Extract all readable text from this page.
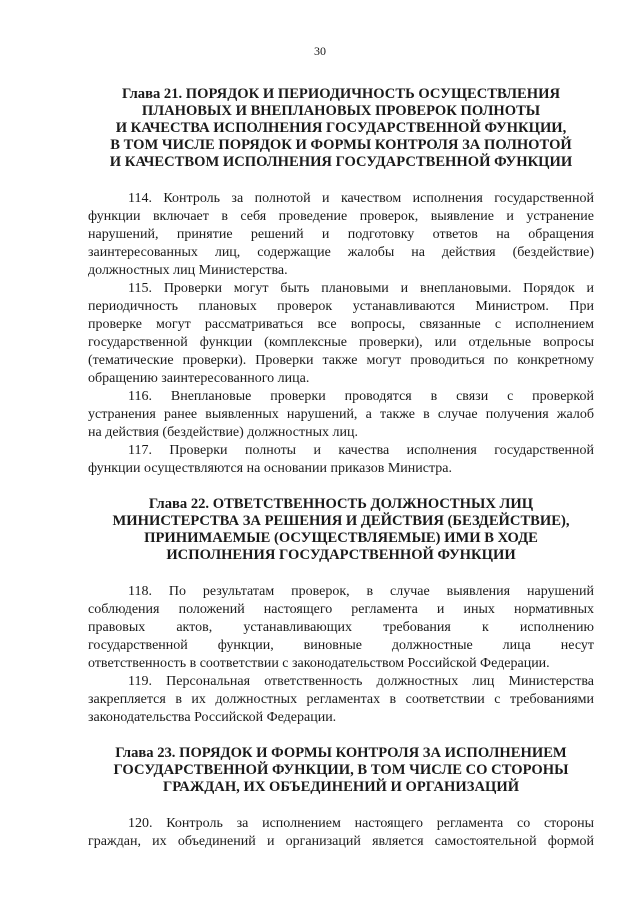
30
Глава 21. ПОРЯДОК И ПЕРИОДИЧНОСТЬ ОСУЩЕСТВЛЕНИЯ
ПЛАНОВЫХ И ВНЕПЛАНОВЫХ ПРОВЕРОК ПОЛНОТЫ
И КАЧЕСТВА ИСПОЛНЕНИЯ ГОСУДАРСТВЕННОЙ ФУНКЦИИ,
В ТОМ ЧИСЛЕ ПОРЯДОК И ФОРМЫ КОНТРОЛЯ ЗА ПОЛНОТОЙ
И КАЧЕСТВОМ ИСПОЛНЕНИЯ ГОСУДАРСТВЕННОЙ ФУНКЦИИ
114. Контроль за полнотой и качеством исполнения государственной
функции включает в себя проведение проверок, выявление и устранение
нарушений, принятие решений и подготовку ответов на обращения
заинтересованных лиц, содержащие жалобы на действия (бездействие)
должностных лиц Министерства.
115. Проверки могут быть плановыми и внеплановыми. Порядок и
периодичность плановых проверок устанавливаются Министром. При
проверке могут рассматриваться все вопросы, связанные с исполнением
государственной функции (комплексные проверки), или отдельные вопросы
(тематические проверки). Проверки также могут проводиться по конкретному
обращению заинтересованного лица.
116. Внеплановые проверки проводятся в связи с проверкой
устранения ранее выявленных нарушений, а также в случае получения жалоб
на действия (бездействие) должностных лиц.
117. Проверки полноты и качества исполнения государственной
функции осуществляются на основании приказов Министра.
Глава 22. ОТВЕТСТВЕННОСТЬ ДОЛЖНОСТНЫХ ЛИЦ
МИНИСТЕРСТВА ЗА РЕШЕНИЯ И ДЕЙСТВИЯ (БЕЗДЕЙСТВИЕ),
ПРИНИМАЕМЫЕ (ОСУЩЕСТВЛЯЕМЫЕ) ИМИ В ХОДЕ
ИСПОЛНЕНИЯ ГОСУДАРСТВЕННОЙ ФУНКЦИИ
118. По результатам проверок, в случае выявления нарушений
соблюдения положений настоящего регламента и иных нормативных
правовых актов, устанавливающих требования к исполнению
государственной функции, виновные должностные лица несут
ответственность в соответствии с законодательством Российской Федерации.
119. Персональная ответственность должностных лиц Министерства
закрепляется в их должностных регламентах в соответствии с требованиями
законодательства Российской Федерации.
Глава 23. ПОРЯДОК И ФОРМЫ КОНТРОЛЯ ЗА ИСПОЛНЕНИЕМ
ГОСУДАРСТВЕННОЙ ФУНКЦИИ, В ТОМ ЧИСЛЕ СО СТОРОНЫ
ГРАЖДАН, ИХ ОБЪЕДИНЕНИЙ И ОРГАНИЗАЦИЙ
120. Контроль за исполнением настоящего регламента со стороны
граждан, их объединений и организаций является самостоятельной формой
